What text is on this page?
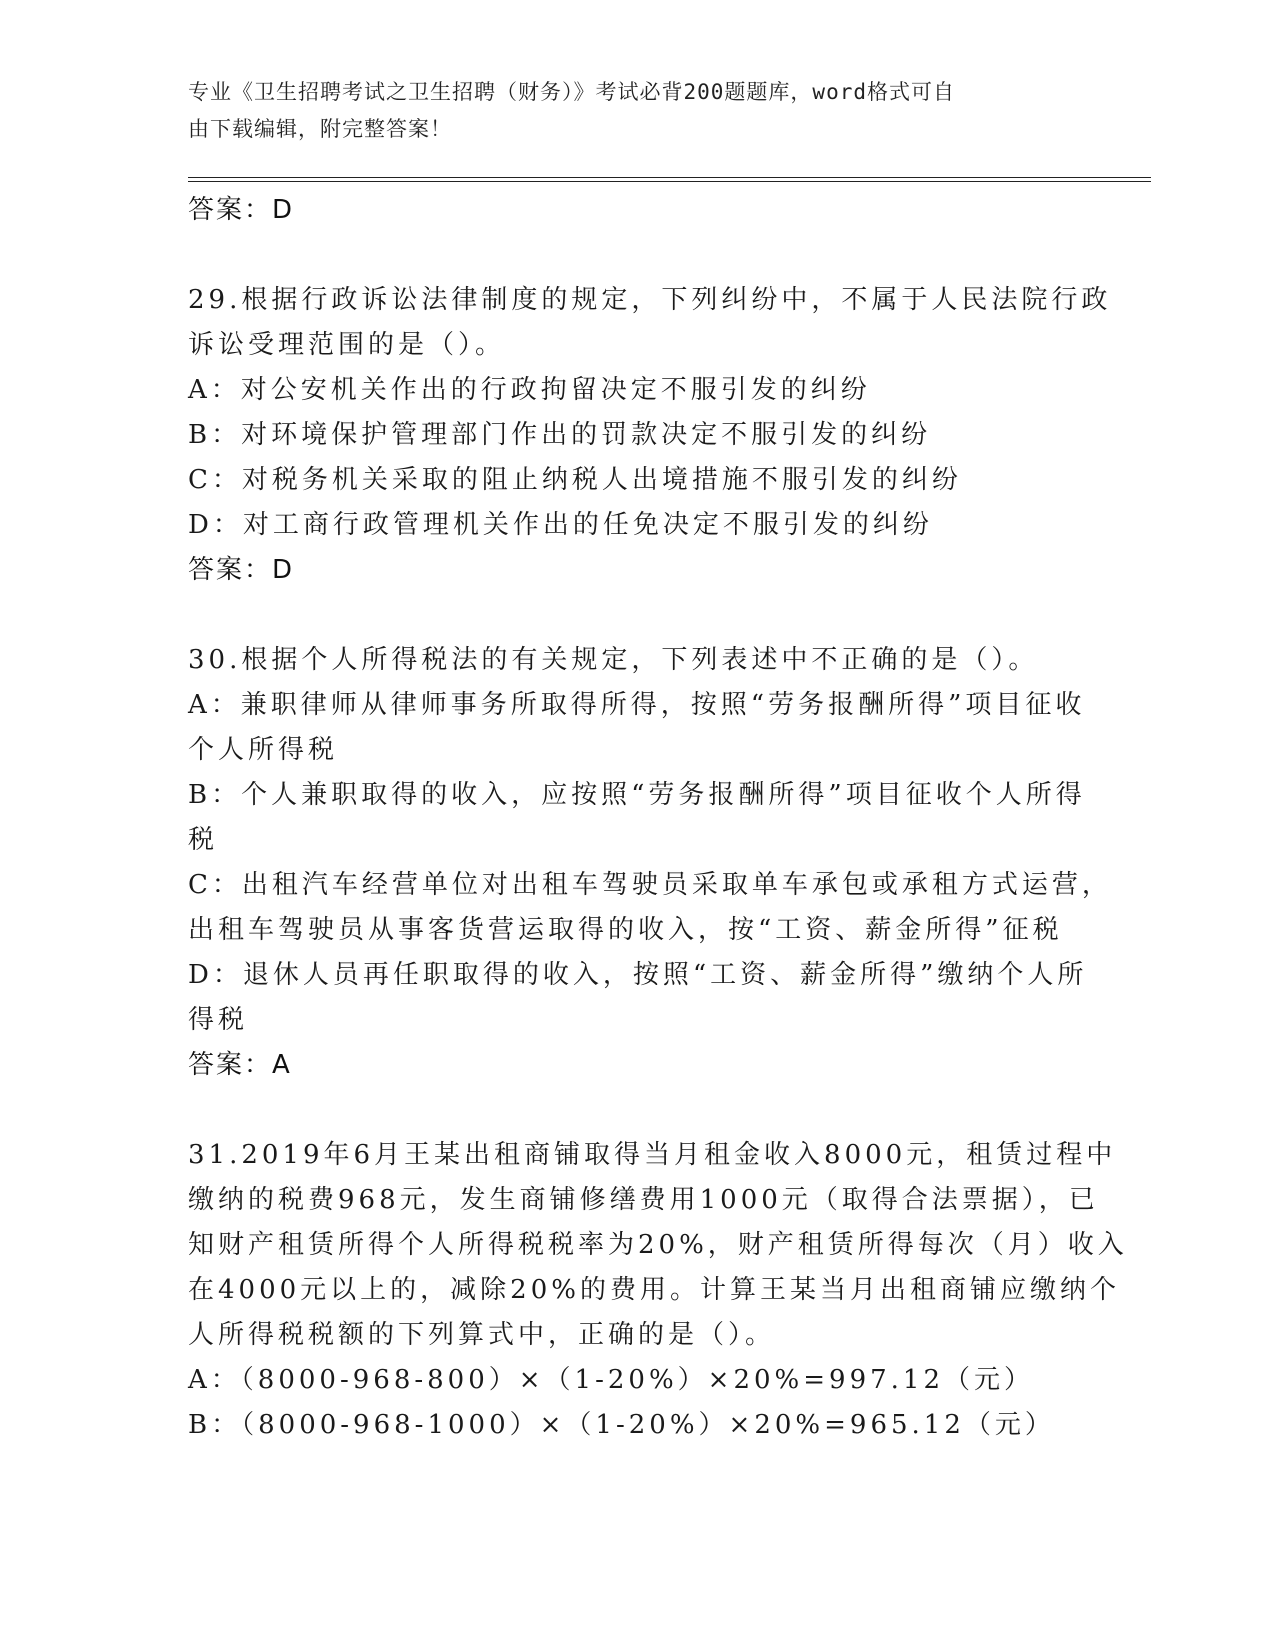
专业《卫生招聘考试之卫生招聘（财务）》考试必背200题题库，word格式可自
由下载编辑，附完整答案！
答案：D
29.根据行政诉讼法律制度的规定，下列纠纷中，不属于人民法院行政
诉讼受理范围的是（）。
A：对公安机关作出的行政拘留决定不服引发的纠纷
B：对环境保护管理部门作出的罚款决定不服引发的纠纷
C：对税务机关采取的阻止纳税人出境措施不服引发的纠纷
D：对工商行政管理机关作出的任免决定不服引发的纠纷
答案：D
30.根据个人所得税法的有关规定，下列表述中不正确的是（）。
A：兼职律师从律师事务所取得所得，按照“劳务报酬所得”项目征收
个人所得税
B：个人兼职取得的收入，应按照“劳务报酬所得”项目征收个人所得
税
C：出租汽车经营单位对出租车驾驶员采取单车承包或承租方式运营，
出租车驾驶员从事客货营运取得的收入，按“工资、薪金所得”征税
D：退休人员再任职取得的收入，按照“工资、薪金所得”缴纳个人所
得税
答案：A
31.2019年6月王某出租商铺取得当月租金收入8000元，租赁过程中
缴纳的税费968元，发生商铺修缮费用1000元（取得合法票据），已
知财产租赁所得个人所得税税率为20%，财产租赁所得每次（月）收入
在4000元以上的，减除20%的费用。计算王某当月出租商铺应缴纳个
人所得税税额的下列算式中，正确的是（）。
A：（8000-968-800）×（1-20%）×20%=997.12（元）
B：（8000-968-1000）×（1-20%）×20%=965.12（元）
